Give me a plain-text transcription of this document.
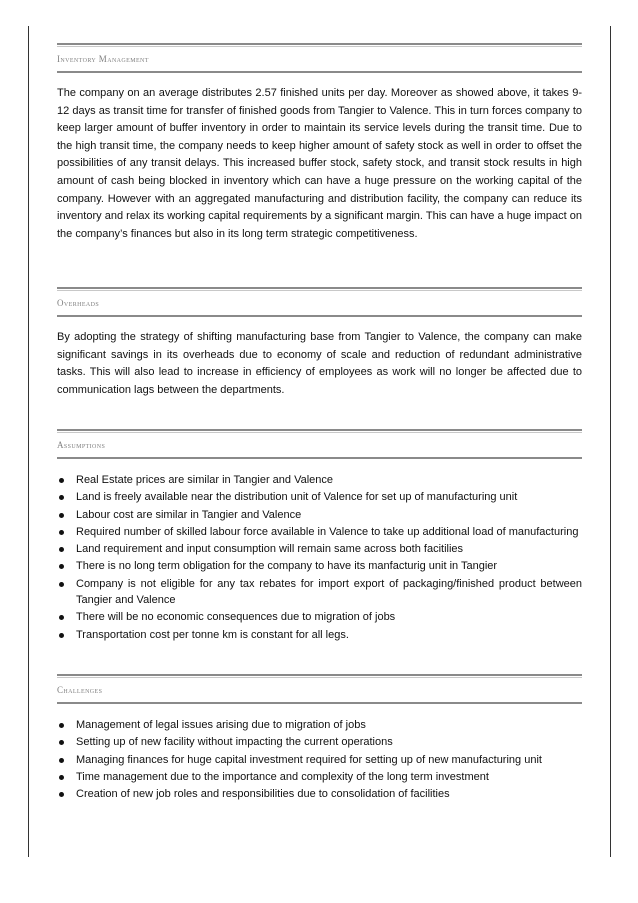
Inventory Management

The company on an average distributes 2.57 finished units per day. Moreover as showed above, it takes 9-12 days as transit time for transfer of finished goods from Tangier to Valence. This in turn forces company to keep larger amount of buffer inventory in order to maintain its service levels during the transit time. Due to the high transit time, the company needs to keep higher amount of safety stock as well in order to offset the possibilities of any transit delays. This increased buffer stock, safety stock, and transit stock results in high amount of cash being blocked in inventory which can have a huge pressure on the working capital of the company. However with an aggregated manufacturing and distribution facility, the company can reduce its inventory and relax its working capital requirements by a significant margin. This can have a huge impact on the company’s finances but also in its long term strategic competitiveness.

Overheads

By adopting the strategy of shifting manufacturing base from Tangier to Valence, the company can make significant savings in its overheads due to economy of scale and reduction of redundant administrative tasks. This will also lead to increase in efficiency of employees as work will no longer be affected due to communication lags between the departments.

Assumptions
Real Estate prices are similar in Tangier and Valence
Land is freely available near the distribution unit of Valence for set up of manufacturing unit
Labour cost are similar in Tangier and Valence
Required number of skilled labour force available in Valence to take up additional load of manufacturing
Land requirement and input consumption will remain same across both facitilies
There is no long term obligation for the company to have its manfacturig unit in Tangier
Company is not eligible for any tax rebates for import export of packaging/finished product between Tangier and Valence
There will be no economic consequences due to migration of jobs
Transportation cost per tonne km is constant for all legs.
Challenges
Management of legal issues arising due to migration of jobs
Setting up of new facility without impacting the current operations
Managing finances for huge capital investment required for setting up of new manufacturing unit
Time management due to the importance and complexity of the long term investment
Creation of new job roles and responsibilities due to consolidation of facilities
